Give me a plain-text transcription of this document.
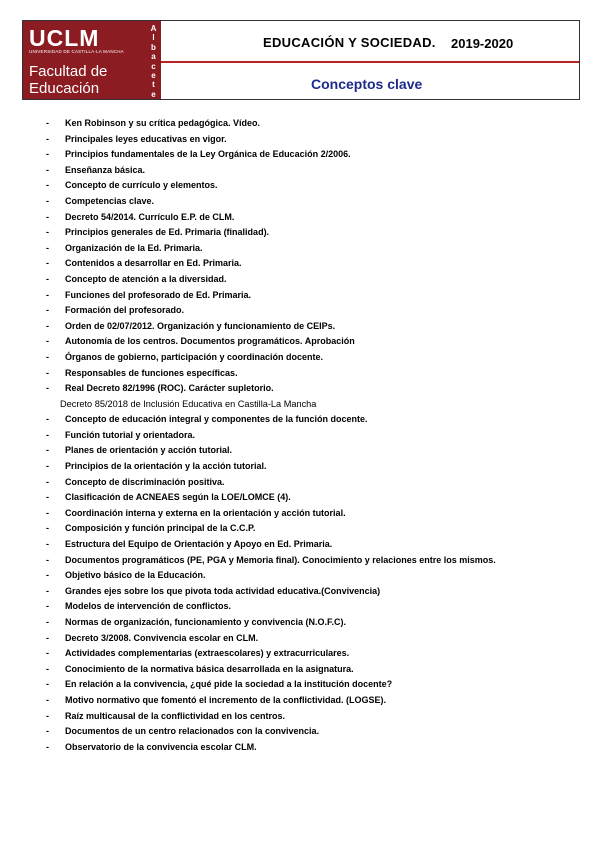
UCLM
UNIVERSIDAD DE CASTILLA-LA MANCHA
Facultad de
Educación
A
l
b
a
c
e
t
e
EDUCACIÓN Y SOCIEDAD. 2019-2020
Conceptos clave
-	Ken Robinson y su crítica pedagógica. Vídeo.
-	Principales leyes educativas en vigor.
-	Principios fundamentales de la Ley Orgánica de Educación 2/2006.
-	Enseñanza básica.
-	Concepto de currículo y elementos.
-	Competencias clave.
-	Decreto 54/2014. Currículo E.P. de CLM.
-	Principios generales de Ed. Primaria (finalidad).
-	Organización de la Ed. Primaria.
-	Contenidos a desarrollar en Ed. Primaria.
-	Concepto de atención a la diversidad.
-	Funciones del profesorado de Ed. Primaria.
-	Formación del profesorado.
-	Orden de 02/07/2012. Organización y funcionamiento de CEIPs.
-	Autonomía de los centros. Documentos programáticos. Aprobación
-	Órganos de gobierno, participación y coordinación docente.
-	Responsables de funciones específicas.
-	Real Decreto 82/1996 (ROC). Carácter supletorio.
Decreto 85/2018 de Inclusión Educativa en Castilla-La Mancha
-	Concepto de educación integral y componentes de la función docente.
-	Función tutorial y orientadora.
-	Planes de orientación y acción tutorial.
-	Principios de la orientación y la acción tutorial.
-	Concepto de discriminación positiva.
-	Clasificación de ACNEAES según la LOE/LOMCE (4).
-	Coordinación interna y externa en la orientación y acción tutorial.
-	Composición y función principal de la C.C.P.
-	Estructura del Equipo de Orientación y Apoyo en Ed. Primaria.
-	Documentos programáticos (PE, PGA y Memoria final). Conocimiento y relaciones entre los mismos.
-	Objetivo básico de la Educación.
-	Grandes ejes sobre los que pivota toda actividad educativa.(Convivencia)
-	Modelos de intervención de conflictos.
-	Normas de organización, funcionamiento y convivencia (N.O.F.C).
-	Decreto 3/2008. Convivencia escolar en CLM.
-	Actividades complementarias (extraescolares) y extracurriculares.
-	Conocimiento de la normativa básica desarrollada en la asignatura.
-	En relación a la convivencia, ¿qué pide la sociedad a la institución docente?
-	Motivo normativo que fomentó el incremento de la conflictividad. (LOGSE).
-	Raíz multicausal de la conflictividad en los centros.
-	Documentos de un centro relacionados con la convivencia.
-	Observatorio de la convivencia escolar CLM.
